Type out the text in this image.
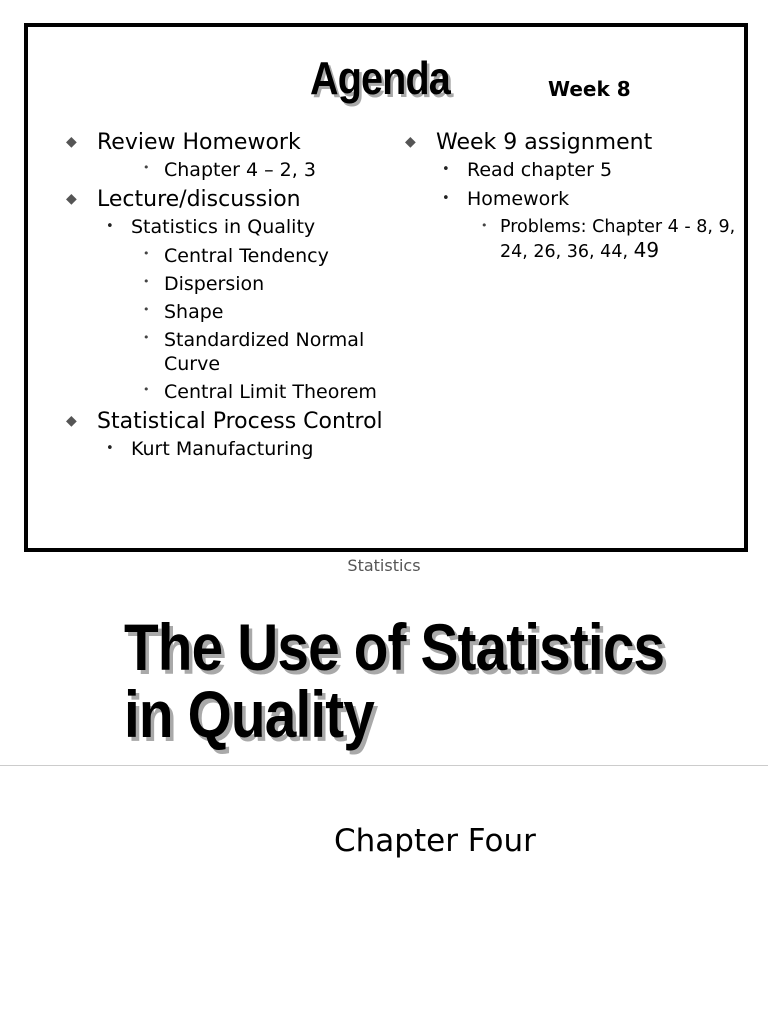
Agenda	Week 8
◆ Review Homework
• Chapter 4 – 2, 3
◆ Lecture/discussion
• Statistics in Quality
• Central Tendency
• Dispersion
• Shape
• Standardized Normal Curve
• Central Limit Theorem
◆ Statistical Process Control
• Kurt Manufacturing
◆ Week 9 assignment
• Read chapter 5
• Homework
• Problems: Chapter 4 - 8, 9, 24, 26, 36, 44, 49
Statistics
The Use of Statistics
in Quality
Chapter Four
